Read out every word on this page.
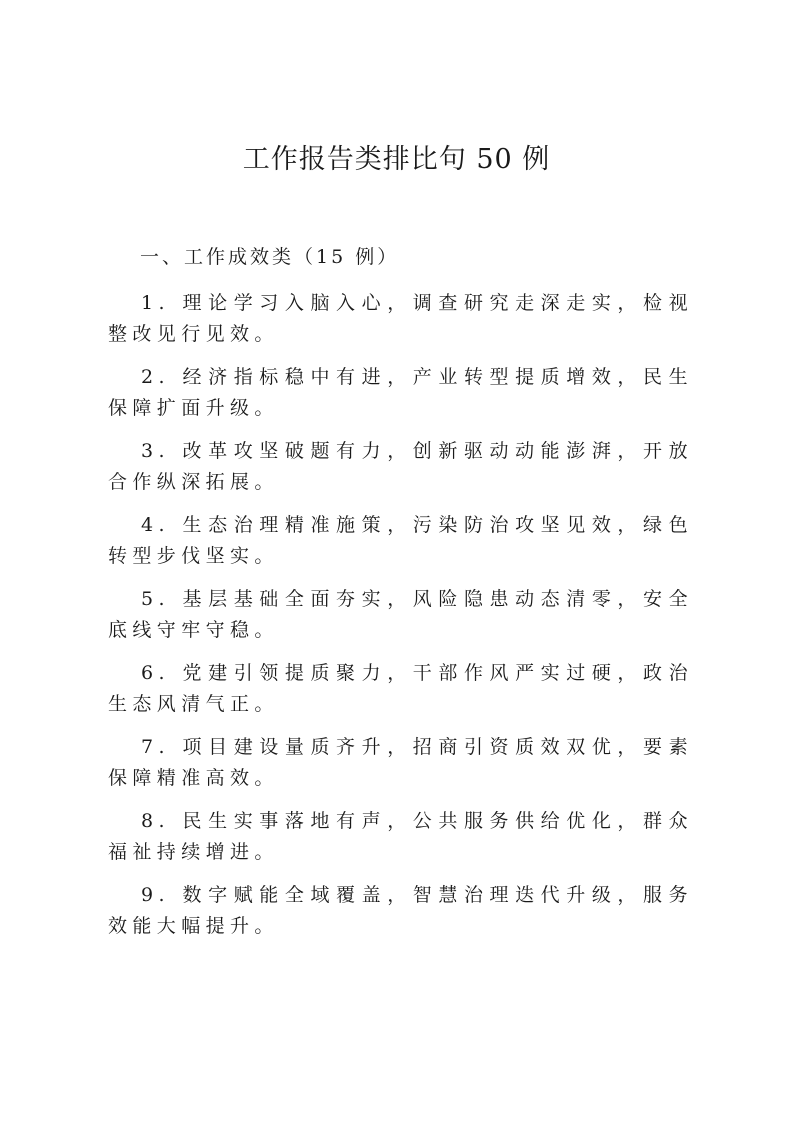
工作报告类排比句 50 例
一、工作成效类（15 例）
1. 理论学习入脑入心，调查研究走深走实，检视整改见行见效。
2. 经济指标稳中有进，产业转型提质增效，民生保障扩面升级。
3. 改革攻坚破题有力，创新驱动动能澎湃，开放合作纵深拓展。
4. 生态治理精准施策，污染防治攻坚见效，绿色转型步伐坚实。
5. 基层基础全面夯实，风险隐患动态清零，安全底线守牢守稳。
6. 党建引领提质聚力，干部作风严实过硬，政治生态风清气正。
7. 项目建设量质齐升，招商引资质效双优，要素保障精准高效。
8. 民生实事落地有声，公共服务供给优化，群众福祉持续增进。
9. 数字赋能全域覆盖，智慧治理迭代升级，服务效能大幅提升。
